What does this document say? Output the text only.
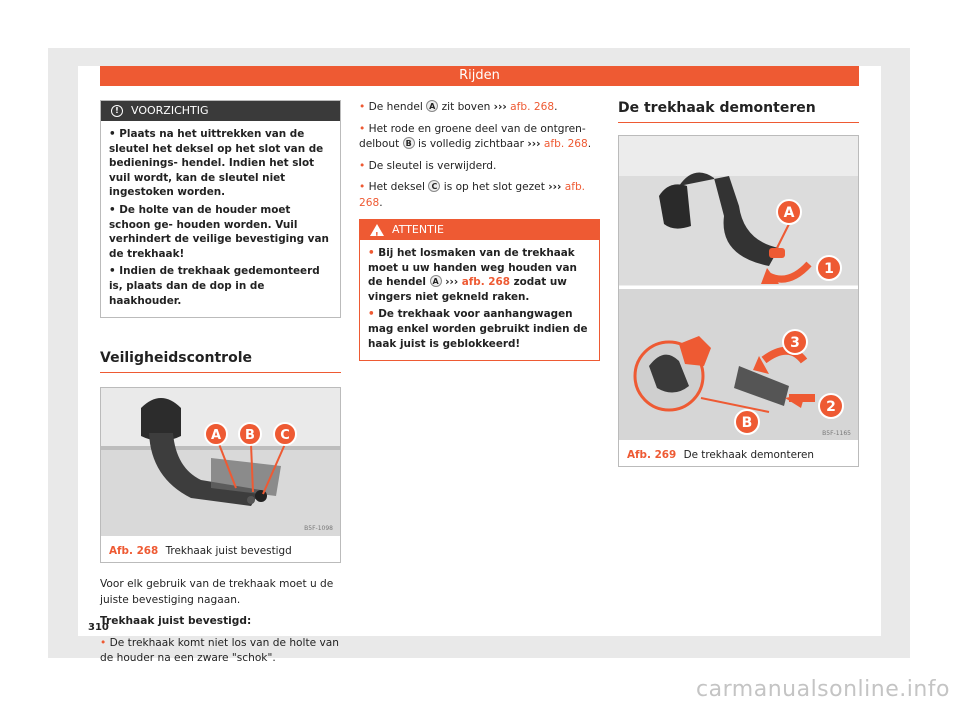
Rijden
!	VOORZICHTIG

• Plaats na het uittrekken van de sleutel het deksel op het slot van de bedienings- hendel. Indien het slot vuil wordt, kan de sleutel niet ingestoken worden.

• De holte van de houder moet schoon ge- houden worden. Vuil verhindert de veilige bevestiging van de trekhaak!

• Indien de trekhaak gedemonteerd is, plaats dan de dop in de haakhouder.

Veiligheidscontrole
A B C
B5F-1098
Afb. 268 Trekhaak juist bevestigd

Voor elk gebruik van de trekhaak moet u de juiste bevestiging nagaan.

Trekhaak juist bevestigd:

• De trekhaak komt niet los van de holte van de houder na een zware "schok".

• De hendel A zit boven ››› afb. 268.

• Het rode en groene deel van de ontgren- delbout B is volledig zichtbaar ››› afb. 268.

• De sleutel is verwijderd.

• Het deksel C is op het slot gezet ››› afb. 268.

!
ATTENTIE

• Bij het losmaken van de trekhaak moet u uw handen weg houden van de hendel A ››› afb. 268 zodat uw vingers niet gekneld raken.

• De trekhaak voor aanhangwagen mag enkel worden gebruikt indien de haak juist is geblokkeerd!

De trekhaak demonteren
A
1
3
2
B
B5F-1165
Afb. 269 De trekhaak demonteren
310
carmanualsonline.info
